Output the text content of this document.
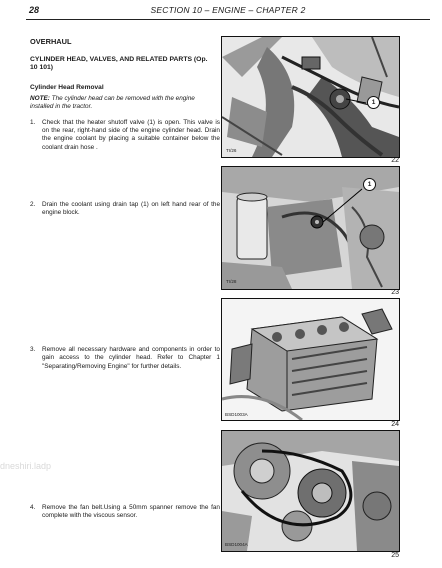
28	SECTION 10 – ENGINE – CHAPTER 2
OVERHAUL
CYLINDER HEAD, VALVES, AND RELATED PARTS (Op. 10 101)
Cylinder Head Removal
NOTE: The cylinder head can be removed with the engine installed in the tractor.
1. Check that the heater shutoff valve (1) is open. This valve is on the rear, right-hand side of the engine cylinder head. Drain the engine coolant by placing a suitable container below the coolant drain hose .
2. Drain the coolant using drain tap (1) on left hand rear of the engine block.
3. Remove all necessary hardware and components in order to gain access to the cylinder head. Refer to Chapter 1 "Separating/Removing Engine" for further details.
4. Remove the fan belt.Using a 50mm spanner remove the fan complete with the viscous sensor.
dneshiri.ladp
1
TI/26
22
1
TI/28
23
BSD1003A
24
BSD1004A
25
